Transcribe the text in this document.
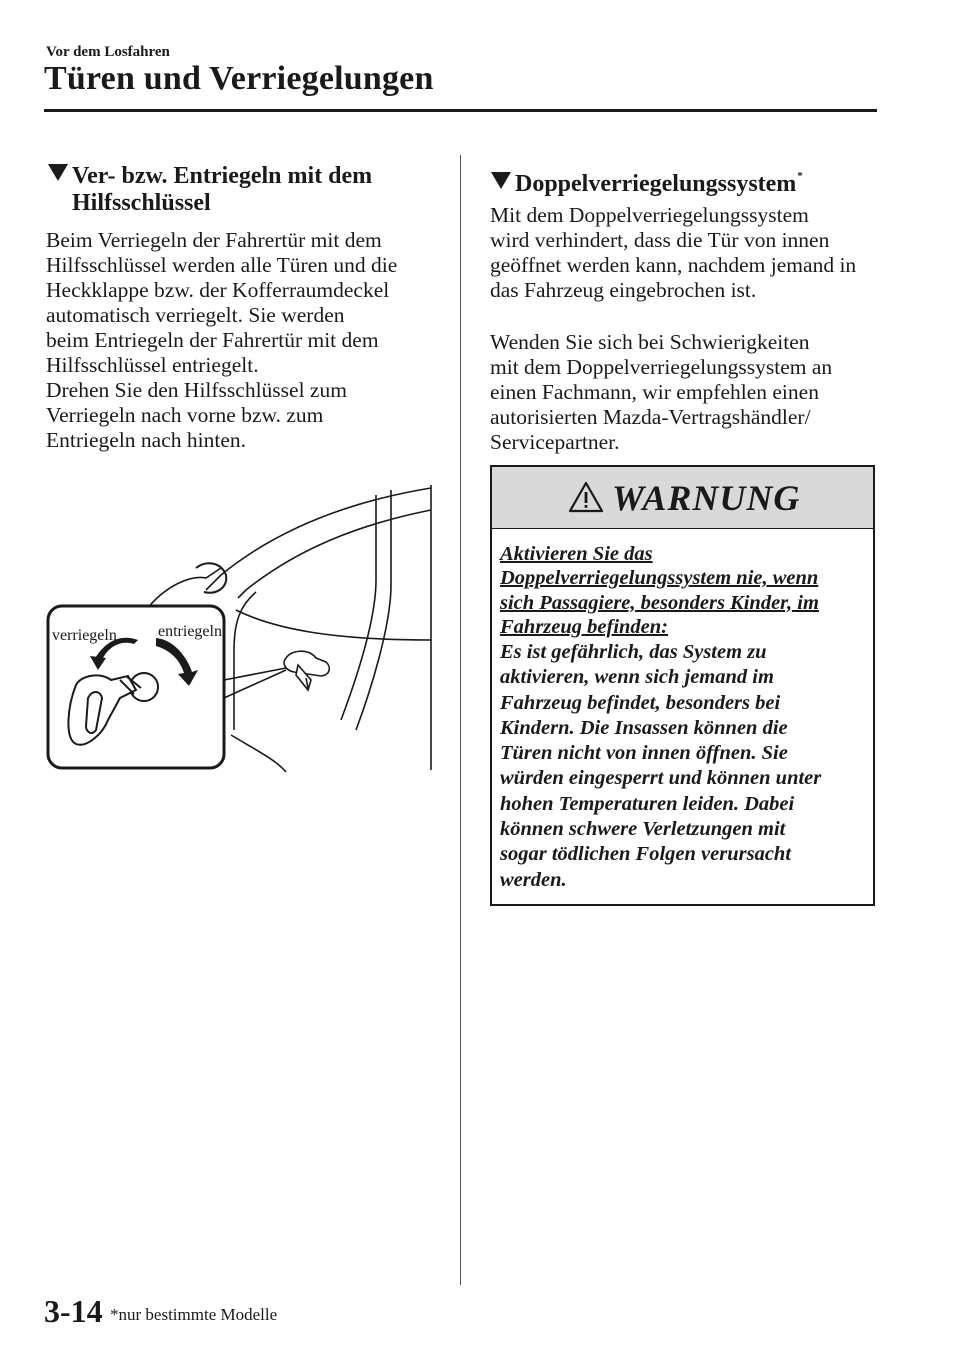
Vor dem Losfahren
Türen und Verriegelungen
Ver- bzw. Entriegeln mit dem
Hilfsschlüssel
Beim Verriegeln der Fahrertür mit dem
Hilfsschlüssel werden alle Türen und die
Heckklappe bzw. der Kofferraumdeckel
automatisch verriegelt. Sie werden
beim Entriegeln der Fahrertür mit dem
Hilfsschlüssel entriegelt.
Drehen Sie den Hilfsschlüssel zum
Verriegeln nach vorne bzw. zum
Entriegeln nach hinten.
verriegeln	entriegeln
Doppelverriegelungssystem*
Mit dem Doppelverriegelungssystem
wird verhindert, dass die Tür von innen
geöffnet werden kann, nachdem jemand in
das Fahrzeug eingebrochen ist.
Wenden Sie sich bei Schwierigkeiten
mit dem Doppelverriegelungssystem an
einen Fachmann, wir empfehlen einen
autorisierten Mazda-Vertragshändler/
Servicepartner.
WARNUNG
Aktivieren Sie das
Doppelverriegelungssystem nie, wenn
sich Passagiere, besonders Kinder, im
Fahrzeug befinden:
Es ist gefährlich, das System zu
aktivieren, wenn sich jemand im
Fahrzeug befindet, besonders bei
Kindern. Die Insassen können die
Türen nicht von innen öffnen. Sie
würden eingesperrt und können unter
hohen Temperaturen leiden. Dabei
können schwere Verletzungen mit
sogar tödlichen Folgen verursacht
werden.
3-14 *nur bestimmte Modelle
